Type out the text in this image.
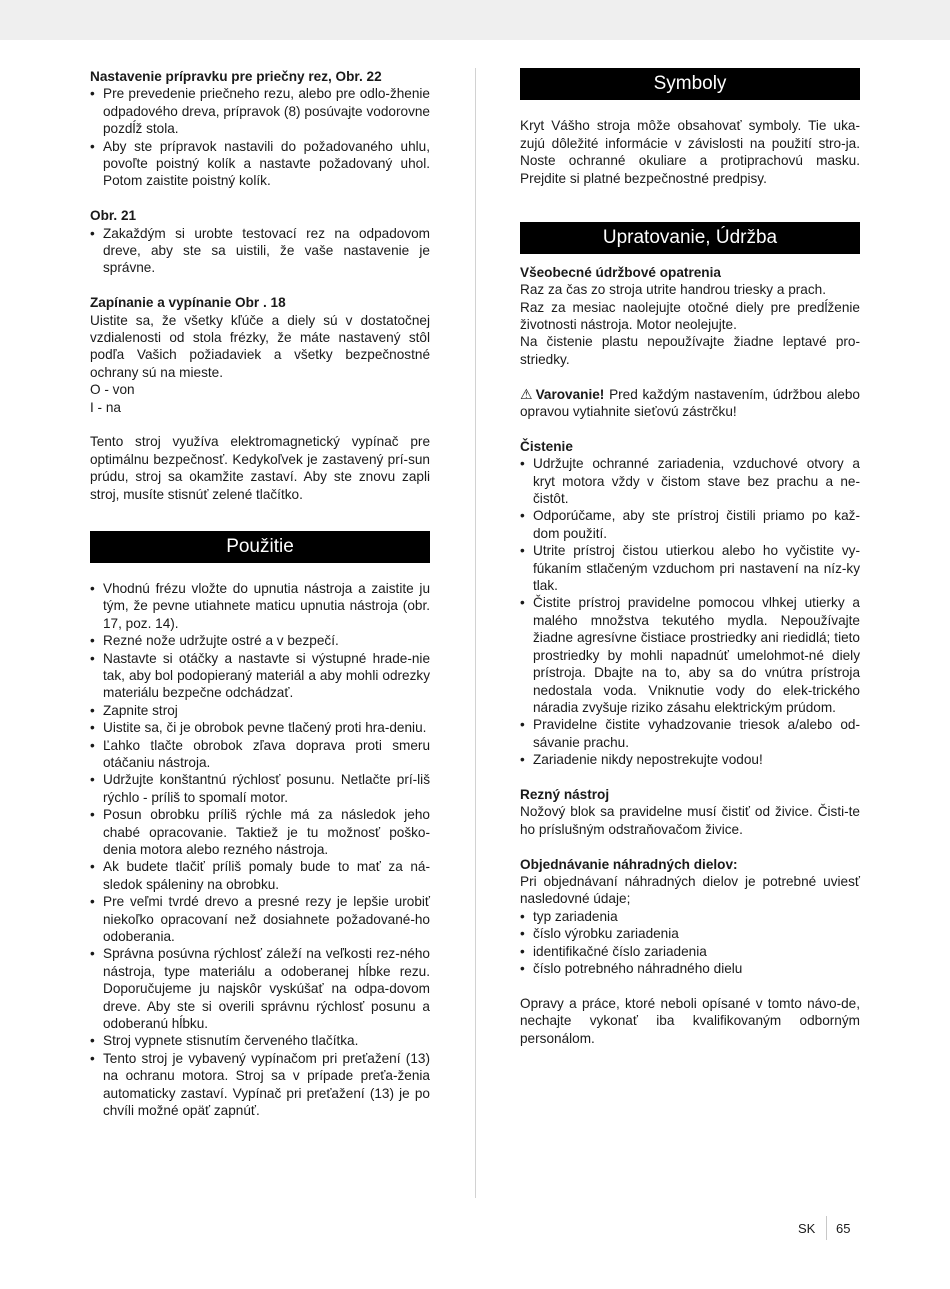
Nastavenie prípravku pre priečny rez, Obr. 22
• Pre prevedenie priečneho rezu, alebo pre odlo-žhenie odpadového dreva, prípravok (8) posúvajte vodorovne pozdĺž stola.
• Aby ste prípravok nastavili do požadovaného uhlu, povoľte poistný kolík a nastavte požadovaný uhol. Potom zaistite poistný kolík.
Obr. 21
• Zakaždým si urobte testovací rez na odpadovom dreve, aby ste sa uistili, že vaše nastavenie je správne.
Zapínanie a vypínanie Obr . 18

Uistite sa, že všetky kľúče a diely sú v dostatočnej vzdialenosti od stola frézky, že máte nastavený stôl podľa Vašich požiadaviek a všetky bezpečnostné ochrany sú na mieste.

O - von
I - na

Tento stroj využíva elektromagnetický vypínač pre optimálnu bezpečnosť. Kedykoľvek je zastavený prí-sun prúdu, stroj sa okamžite zastaví. Aby ste znovu zapli stroj, musíte stisnúť zelené tlačítko.

Použitie
• Vhodnú frézu vložte do upnutia nástroja a zaistite ju tým, že pevne utiahnete maticu upnutia nástroja (obr. 17, poz. 14).
• Rezné nože udržujte ostré a v bezpečí.
• Nastavte si otáčky a nastavte si výstupné hrade-nie tak, aby bol podopieraný materiál a aby mohli odrezky materiálu bezpečne odchádzať.
• Zapnite stroj
• Uistite sa, či je obrobok pevne tlačený proti hra-deniu.
• Ľahko tlačte obrobok zľava doprava proti smeru otáčaniu nástroja.
• Udržujte konštantnú rýchlosť posunu. Netlačte prí-liš rýchlo - príliš to spomalí motor.
• Posun obrobku príliš rýchle má za následok jeho chabé opracovanie. Taktiež je tu možnosť poško-denia motora alebo rezného nástroja.
• Ak budete tlačiť príliš pomaly bude to mať za ná-sledok spáleniny na obrobku.
• Pre veľmi tvrdé drevo a presné rezy je lepšie urobiť niekoľko opracovaní než dosiahnete požadované-ho odoberania.
• Správna posúvna rýchlosť záleží na veľkosti rez-ného nástroja, type materiálu a odoberanej hĺbke rezu. Doporučujeme ju najskôr vyskúšať na odpa-dovom dreve. Aby ste si overili správnu rýchlosť posunu a odoberanú hĺbku.
• Stroj vypnete stisnutím červeného tlačítka.
• Tento stroj je vybavený vypínačom pri preťažení (13) na ochranu motora. Stroj sa v prípade preťa-ženia automaticky zastaví. Vypínač pri preťažení (13) je po chvíli možné opäť zapnúť.
Symboly

Kryt Vášho stroja môže obsahovať symboly. Tie uka-zujú dôležité informácie v závislosti na použití stro-ja. Noste ochranné okuliare a protiprachovú masku. Prejdite si platné bezpečnostné predpisy.

Upratovanie, Údržba
Všeobecné údržbové opatrenia

Raz za čas zo stroja utrite handrou triesky a prach.

Raz za mesiac naolejujte otočné diely pre predĺženie životnosti nástroja. Motor neolejujte.

Na čistenie plastu nepoužívajte žiadne leptavé pro-striedky.

⚠ Varovanie! Pred každým nastavením, údržbou alebo opravou vytiahnite sieťovú zástrčku!

Čistenie
• Udržujte ochranné zariadenia, vzduchové otvory a kryt motora vždy v čistom stave bez prachu a ne-čistôt.
• Odporúčame, aby ste prístroj čistili priamo po kaž-dom použití.
• Utrite prístroj čistou utierkou alebo ho vyčistite vy-fúkaním stlačeným vzduchom pri nastavení na níz-ky tlak.
• Čistite prístroj pravidelne pomocou vlhkej utierky a malého množstva tekutého mydla. Nepoužívajte žiadne agresívne čistiace prostriedky ani riedidlá; tieto prostriedky by mohli napadnúť umelohmot-né diely prístroja. Dbajte na to, aby sa do vnútra prístroja nedostala voda. Vniknutie vody do elek-trického náradia zvyšuje riziko zásahu elektrickým prúdom.
• Pravidelne čistite vyhadzovanie triesok a/alebo od-sávanie prachu.
• Zariadenie nikdy nepostrekujte vodou!
Rezný nástroj

Nožový blok sa pravidelne musí čistiť od živice. Čisti-te ho príslušným odstraňovačom živice.

Objednávanie náhradných dielov:

Pri objednávaní náhradných dielov je potrebné uviesť nasledovné údaje;

• typ zariadenia
• číslo výrobku zariadenia
• identifikačné číslo zariadenia
• číslo potrebného náhradného dielu

Opravy a práce, ktoré neboli opísané v tomto návo-de, nechajte vykonať iba kvalifikovaným odborným personálom.

SK 65
